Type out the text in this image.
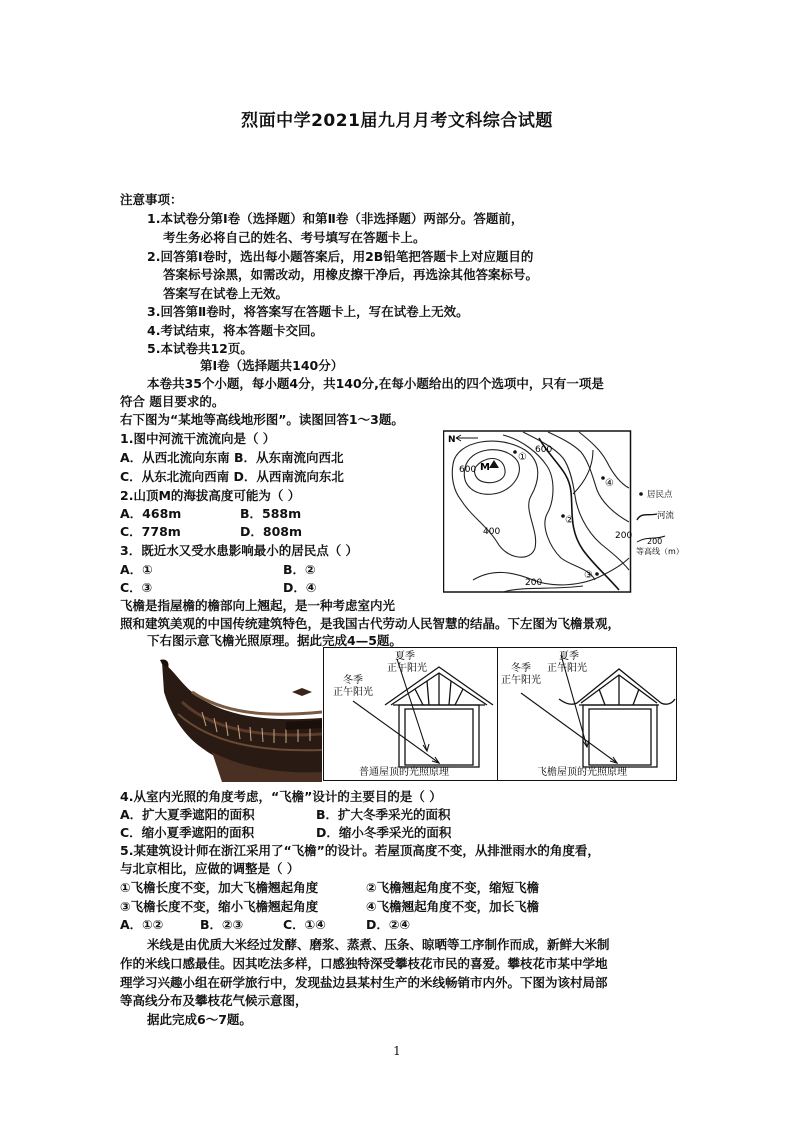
烈面中学2021届九月月考文科综合试题
注意事项：
1.本试卷分第Ⅰ卷（选择题）和第Ⅱ卷（非选择题）两部分。答题前，
考生务必将自己的姓名、考号填写在答题卡上。
2.回答第Ⅰ卷时，选出每小题答案后，用2B铅笔把答题卡上对应题目的
答案标号涂黑，如需改动，用橡皮擦干净后，再选涂其他答案标号。
答案写在试卷上无效。
3.回答第Ⅱ卷时，将答案写在答题卡上，写在试卷上无效。
4.考试结束，将本答题卡交回。
5.本试卷共12页。
第Ⅰ卷（选择题共140分）
本卷共35个小题，每小题4分，共140分,在每小题给出的四个选项中，只有一项是
符合 题目要求的。
右下图为“某地等高线地形图”。读图回答1～3题。
1.图中河流干流流向是（ ）
A．从西北流向东南 B．从东南流向西北
C．从东北流向西南 D．从西南流向东北
2.山顶M的海拔高度可能为（ ）
A．468m	B．588m
C．778m	D．808m
3．既近水又受水患影响最小的居民点（ ）
A．①	B．②
C．③	D．④
N
M
600
600
400
200
200
①
②
③
④
居民点
河流
200
等高线（m）
飞檐是指屋檐的檐部向上翘起，是一种考虑室内光
照和建筑美观的中国传统建筑特色，是我国古代劳动人民智慧的结晶。下左图为飞檐景观，
下右图示意飞檐光照原理。据此完成4—5题。
夏季
正午阳光
冬季
正午阳光
普通屋顶的光照原理
夏季
正午阳光
冬季
正午阳光
飞檐屋顶的光照原理
4.从室内光照的角度考虑，“飞檐”设计的主要目的是（ ）
A．扩大夏季遮阳的面积	B．扩大冬季采光的面积
C．缩小夏季遮阳的面积	D．缩小冬季采光的面积
5.某建筑设计师在浙江采用了“飞檐”的设计。若屋顶高度不变，从排泄雨水的角度看，
与北京相比，应做的调整是（ ）
①飞檐长度不变，加大飞檐翘起角度	②飞檐翘起角度不变，缩短飞檐
③飞檐长度不变，缩小飞檐翘起角度	④飞檐翘起角度不变，加长飞檐
A．①②	B．②③	C．①④	D．②④
米线是由优质大米经过发酵、磨浆、蒸煮、压条、晾晒等工序制作而成，新鲜大米制
作的米线口感最佳。因其吃法多样，口感独特深受攀枝花市民的喜爱。攀枝花市某中学地
理学习兴趣小组在研学旅行中，发现盐边县某村生产的米线畅销市内外。下图为该村局部
等高线分布及攀枝花气候示意图，
据此完成6～7题。
1
